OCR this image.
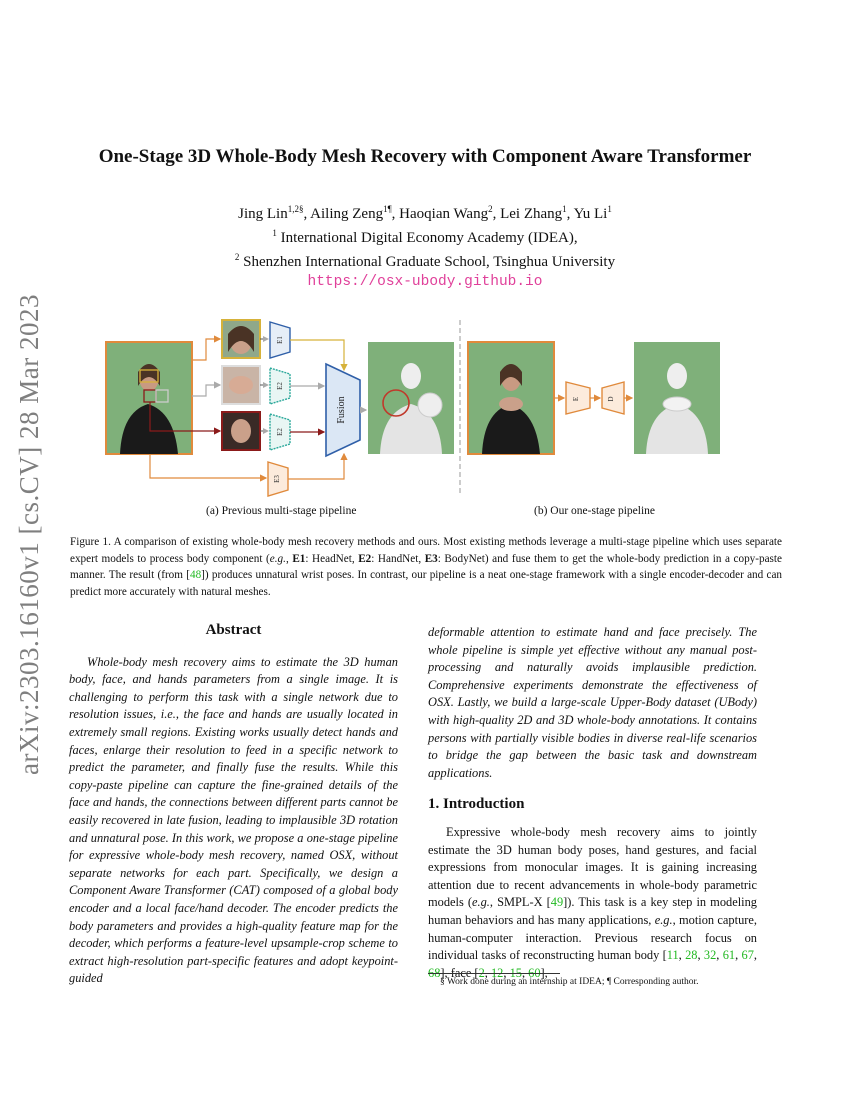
arXiv:2303.16160v1 [cs.CV] 28 Mar 2023
One-Stage 3D Whole-Body Mesh Recovery with Component Aware Transformer
Jing Lin$^{1,2\S}$, Ailing Zeng$^{1\P}$, Haoqian Wang$^2$, Lei Zhang$^1$, Yu Li$^1$
$^1$ International Digital Economy Academy (IDEA),
$^2$ Shenzhen International Graduate School, Tsinghua University
https://osx-ubody.github.io
E1
E2
E2
E3
Fusion	E	D
(a) Previous multi-stage pipeline	(b) Our one-stage pipeline
Figure 1. A comparison of existing whole-body mesh recovery methods and ours. Most existing methods leverage a multi-stage pipeline which uses separate expert models to process body component (e.g., E1: HeadNet, E2: HandNet, E3: BodyNet) and fuse them to get the whole-body prediction in a copy-paste manner. The result (from [48]) produces unnatural wrist poses. In contrast, our pipeline is a neat one-stage framework with a single encoder-decoder and can predict more accurately with natural meshes.
Abstract

Whole-body mesh recovery aims to estimate the 3D human body, face, and hands parameters from a single image. It is challenging to perform this task with a single network due to resolution issues, i.e., the face and hands are usually located in extremely small regions. Existing works usually detect hands and faces, enlarge their resolution to feed in a specific network to predict the parameter, and finally fuse the results. While this copy-paste pipeline can capture the fine-grained details of the face and hands, the connections between different parts cannot be easily recovered in late fusion, leading to implausible 3D rotation and unnatural pose. In this work, we propose a one-stage pipeline for expressive whole-body mesh recovery, named OSX, without separate networks for each part. Specifically, we design a Component Aware Transformer (CAT) composed of a global body encoder and a local face/hand decoder. The encoder predicts the body parameters and provides a high-quality feature map for the decoder, which performs a feature-level upsample-crop scheme to extract high-resolution part-specific features and adopt keypoint-guided

deformable attention to estimate hand and face precisely. The whole pipeline is simple yet effective without any manual post-processing and naturally avoids implausible prediction. Comprehensive experiments demonstrate the effectiveness of OSX. Lastly, we build a large-scale Upper-Body dataset (UBody) with high-quality 2D and 3D whole-body annotations. It contains persons with partially visible bodies in diverse real-life scenarios to bridge the gap between the basic task and downstream applications.

1. Introduction

Expressive whole-body mesh recovery aims to jointly estimate the 3D human body poses, hand gestures, and facial expressions from monocular images. It is gaining increasing attention due to recent advancements in whole-body parametric models (e.g., SMPL-X [49]). This task is a key step in modeling human behaviors and has many applications, e.g., motion capture, human-computer interaction. Previous research focus on individual tasks of reconstructing human body [11, 28, 32, 61, 67, 68], face [2, 12, 15, 60],

§ Work done during an internship at IDEA; ¶ Corresponding author.
